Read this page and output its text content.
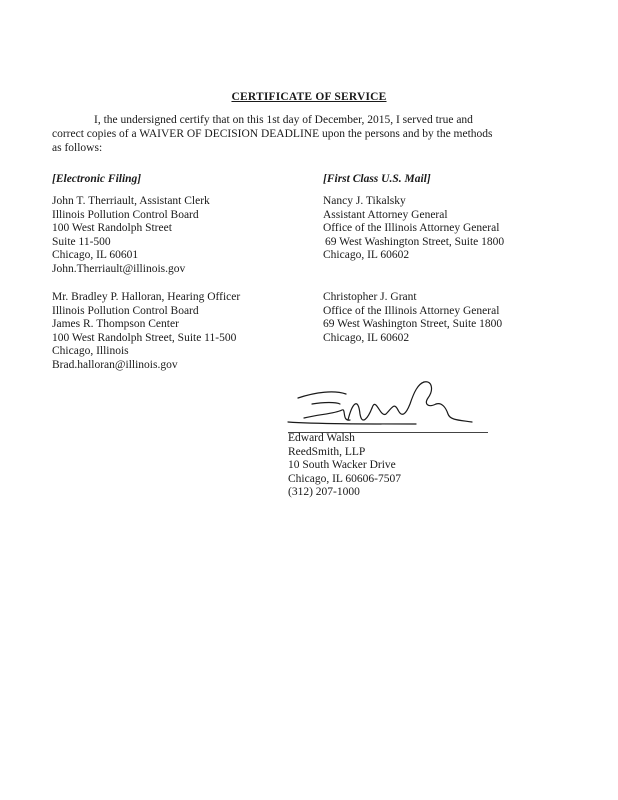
CERTIFICATE OF SERVICE
I, the undersigned certify that on this 1st day of December, 2015, I served true and
correct copies of a WAIVER OF DECISION DEADLINE upon the persons and by the methods
as follows:
[Electronic Filing]	[First Class U.S. Mail]
John T. Therriault, Assistant Clerk
Illinois Pollution Control Board
100 West Randolph Street
Suite 11-500
Chicago, IL 60601
John.Therriault@illinois.gov
Mr. Bradley P. Halloran, Hearing Officer
Illinois Pollution Control Board
James R. Thompson Center
100 West Randolph Street, Suite 11-500
Chicago, Illinois
Brad.halloran@illinois.gov
Nancy J. Tikalsky
Assistant Attorney General
Office of the Illinois Attorney General
69 West Washington Street, Suite 1800
Chicago, IL 60602
Christopher J. Grant
Office of the Illinois Attorney General
69 West Washington Street, Suite 1800
Chicago, IL 60602
Edward Walsh
ReedSmith, LLP
10 South Wacker Drive
Chicago, IL 60606-7507
(312) 207-1000
